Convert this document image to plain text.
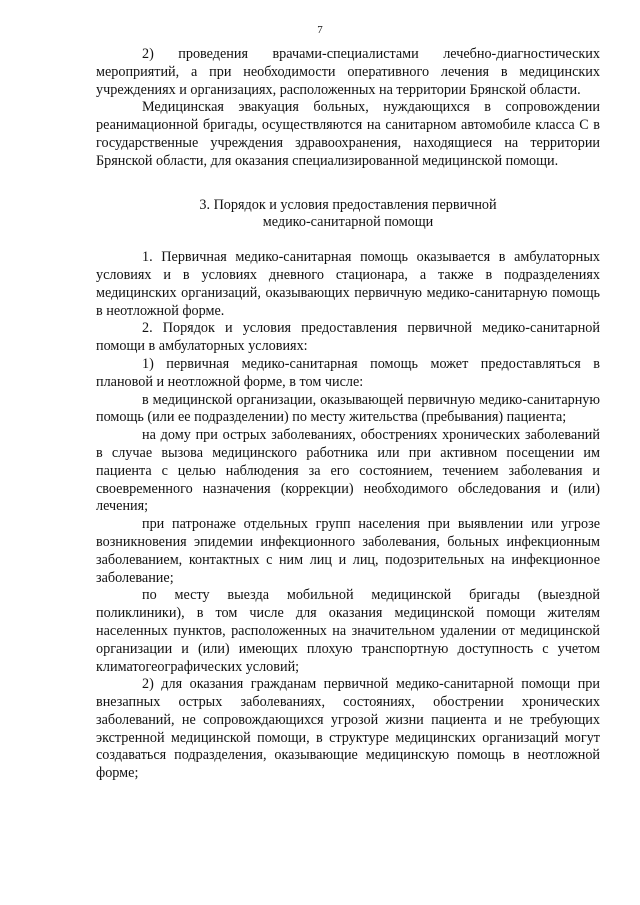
7

2) проведения врачами-специалистами лечебно-диагностических мероприятий, а при необходимости оперативного лечения в медицинских учреждениях и организациях, расположенных на территории Брянской области.

Медицинская эвакуация больных, нуждающихся в сопровождении реанимационной бригады, осуществляются на санитарном автомобиле класса С в государственные учреждения здравоохранения, находящиеся на территории Брянской области, для оказания специализированной медицинской помощи.

3. Порядок и условия предоставления первичной
медико-санитарной помощи

1. Первичная медико-санитарная помощь оказывается в амбулаторных условиях и в условиях дневного стационара, а также в подразделениях медицинских организаций, оказывающих первичную медико-санитарную помощь в неотложной форме.

2. Порядок и условия предоставления первичной медико-санитарной помощи в амбулаторных условиях:

1) первичная медико-санитарная помощь может предоставляться в плановой и неотложной форме, в том числе:

в медицинской организации, оказывающей первичную медико-санитарную помощь (или ее подразделении) по месту жительства (пребывания) пациента;

на дому при острых заболеваниях, обострениях хронических заболеваний в случае вызова медицинского работника или при активном посещении им пациента с целью наблюдения за его состоянием, течением заболевания и своевременного назначения (коррекции) необходимого обследования и (или) лечения;

при патронаже отдельных групп населения при выявлении или угрозе возникновения эпидемии инфекционного заболевания, больных инфекционным заболеванием, контактных с ним лиц и лиц, подозрительных на инфекционное заболевание;

по месту выезда мобильной медицинской бригады (выездной поликлиники), в том числе для оказания медицинской помощи жителям населенных пунктов, расположенных на значительном удалении от медицинской организации и (или) имеющих плохую транспортную доступность с учетом климатогеографических условий;

2) для оказания гражданам первичной медико-санитарной помощи при внезапных острых заболеваниях, состояниях, обострении хронических заболеваний, не сопровождающихся угрозой жизни пациента и не требующих экстренной медицинской помощи, в структуре медицинских организаций могут создаваться подразделения, оказывающие медицинскую помощь в неотложной форме;
